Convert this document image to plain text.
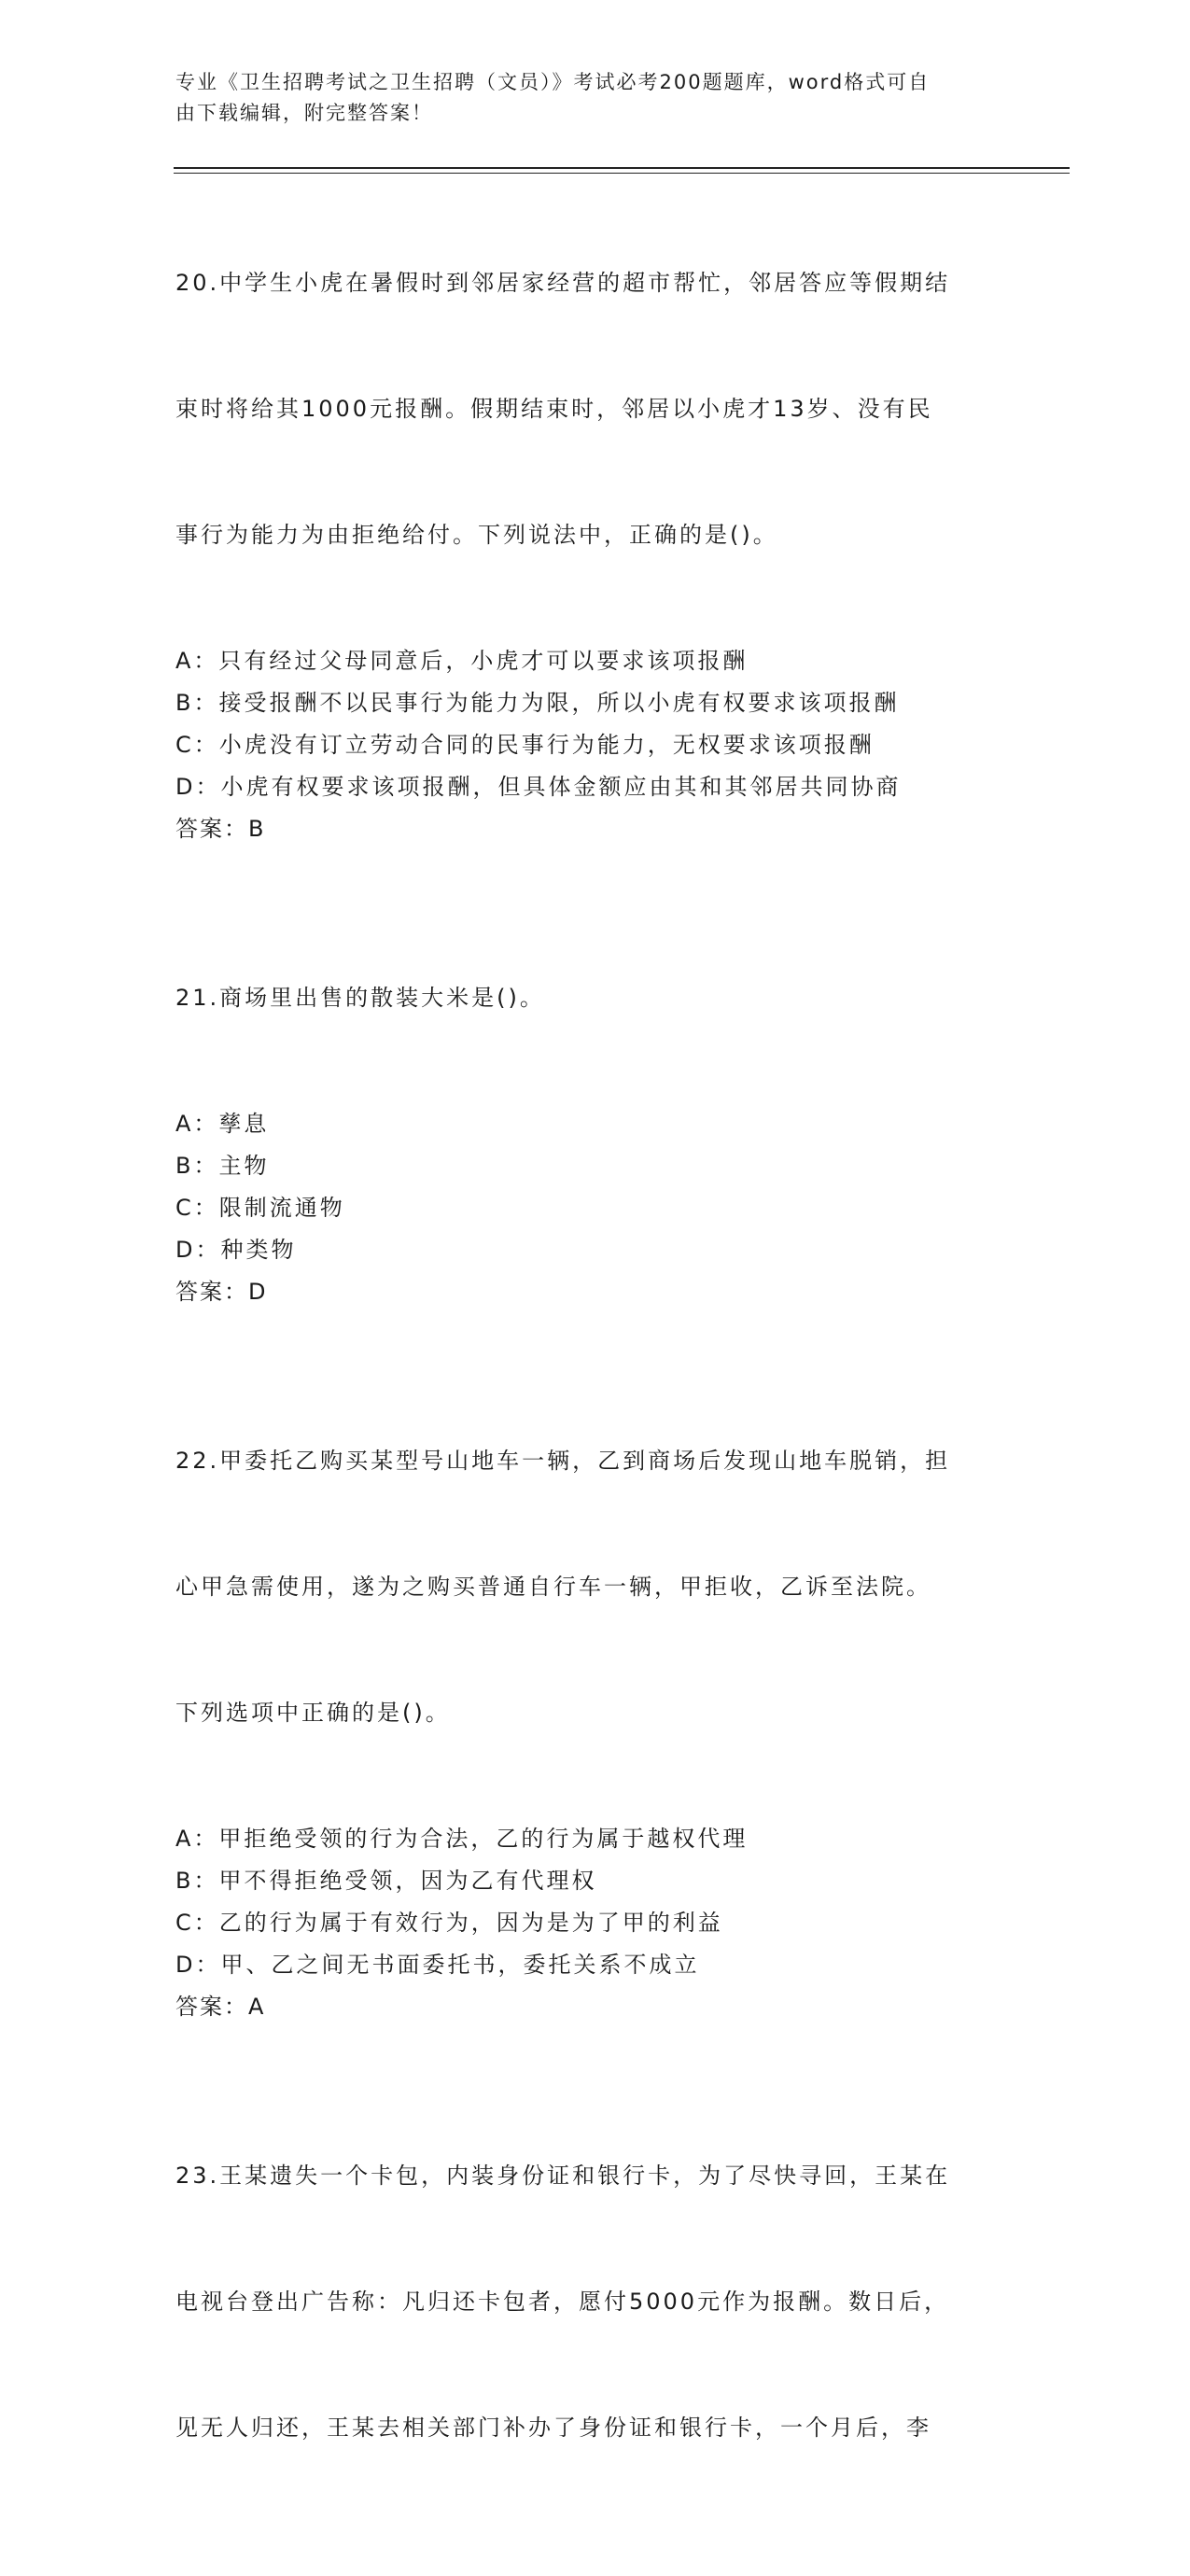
专业《卫生招聘考试之卫生招聘（文员）》考试必考200题题库，word格式可自
由下载编辑，附完整答案！

20.中学生小虎在暑假时到邻居家经营的超市帮忙，邻居答应等假期结

束时将给其1000元报酬。假期结束时，邻居以小虎才13岁、没有民

事行为能力为由拒绝给付。下列说法中，正确的是()。

A：只有经过父母同意后，小虎才可以要求该项报酬
B：接受报酬不以民事行为能力为限，所以小虎有权要求该项报酬
C：小虎没有订立劳动合同的民事行为能力，无权要求该项报酬
D：小虎有权要求该项报酬，但具体金额应由其和其邻居共同协商
答案：B

21.商场里出售的散装大米是()。

A：孳息
B：主物
C：限制流通物
D：种类物
答案：D

22.甲委托乙购买某型号山地车一辆，乙到商场后发现山地车脱销，担

心甲急需使用，遂为之购买普通自行车一辆，甲拒收，乙诉至法院。

下列选项中正确的是()。

A：甲拒绝受领的行为合法，乙的行为属于越权代理
B：甲不得拒绝受领，因为乙有代理权
C：乙的行为属于有效行为，因为是为了甲的利益
D：甲、乙之间无书面委托书，委托关系不成立
答案：A

23.王某遗失一个卡包，内装身份证和银行卡，为了尽快寻回，王某在

电视台登出广告称：凡归还卡包者，愿付5000元作为报酬。数日后，

见无人归还，王某去相关部门补办了身份证和银行卡，一个月后，李
